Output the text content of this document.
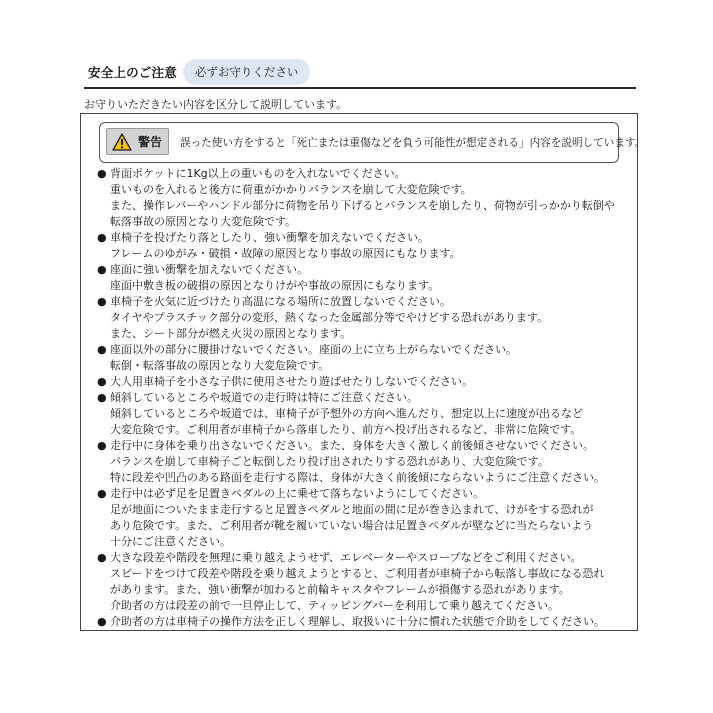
安全上のご注意	必ずお守りください
お守りいただきたい内容を区分して説明しています。
警告 誤った使い方をすると「死亡または重傷などを負う可能性が想定される」内容を説明しています。
● 背面ポケットに1Kg以上の重いものを入れないでください。
重いものを入れると後方に荷重がかかりバランスを崩して大変危険です。
また、操作レバーやハンドル部分に荷物を吊り下げるとバランスを崩したり、荷物が引っかかり転倒や
転落事故の原因となり大変危険です。
● 車椅子を投げたり落としたり、強い衝撃を加えないでください。
フレームのゆがみ・破損・故障の原因となり事故の原因にもなります。
● 座面に強い衝撃を加えないでください。
座面中敷き板の破損の原因となりけがや事故の原因にもなります。
● 車椅子を火気に近づけたり高温になる場所に放置しないでください。
タイヤやプラスチック部分の変形、熱くなった金属部分等でやけどする恐れがあります。
また、シート部分が燃え火災の原因となります。
● 座面以外の部分に腰掛けないでください。座面の上に立ち上がらないでください。
転倒・転落事故の原因となり大変危険です。
● 大人用車椅子を小さな子供に使用させたり遊ばせたりしないでください。
● 傾斜しているところや坂道での走行時は特にご注意ください。
傾斜しているところや坂道では、車椅子が予想外の方向へ進んだり、想定以上に速度が出るなど
大変危険です。ご利用者が車椅子から落車したり、前方へ投げ出されるなど、非常に危険です。
● 走行中に身体を乗り出さないでください。また、身体を大きく激しく前後傾させないでください。
バランスを崩して車椅子ごと転倒したり投げ出されたりする恐れがあり、大変危険です。
特に段差や凹凸のある路面を走行する際は、身体が大きく前後傾にならないようにご注意ください。
● 走行中は必ず足を足置きペダルの上に乗せて落ちないようにしてください。
足が地面についたまま走行すると足置きペダルと地面の間に足が巻き込まれて、けがをする恐れが
あり危険です。また、ご利用者が靴を履いていない場合は足置きペダルが壁などに当たらないよう
十分にご注意ください。
● 大きな段差や階段を無理に乗り越えようせず、エレベーターやスロープなどをご利用ください。
スピードをつけて段差や階段を乗り越えようとすると、ご利用者が車椅子から転落し事故になる恐れ
があります。また、強い衝撃が加わると前輪キャスタやフレームが損傷する恐れがあります。
介助者の方は段差の前で一旦停止して、ティッピングバーを利用して乗り越えてください。
● 介助者の方は車椅子の操作方法を正しく理解し、取扱いに十分に慣れた状態で介助をしてください。
